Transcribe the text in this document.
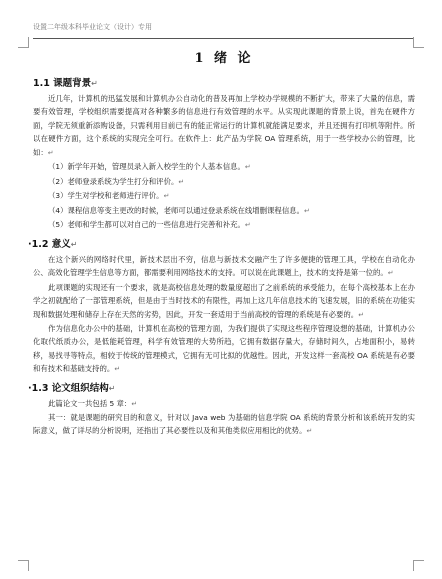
设置二年级本科毕业论文（设计）专用
1 绪 论
1.1 课题背景↵

近几年，计算机的迅猛发展和计算机办公自动化的普及再加上学校办学规模的不断扩大，带来了大量的信息，需要有效管理，学校组织需要提高对各种繁多的信息进行有效管理的水平。从实现此课题的背景上说，首先在硬件方面，学院无须重新添购设备，只需利用目前已有的能正常运行的计算机就能满足要求，并且还拥有打印机等附件。所以在硬件方面，这个系统的实现完全可行。在软件上：此产品为学院 OA 管理系统，用于一些学校办公的管理，比如：↵

（1）新学年开始，管理员录入新入校学生的个人基本信息。↵

（2）老师登录系统为学生打分和评价。↵

（3）学生对学校和老师进行评价。↵

（4）课程信息等变主更改的时候，老师可以通过登录系统在线增删课程信息。↵

（5）老师和学生都可以对自己的一些信息进行完善和补充。↵

·1.2 意义↵

在这个新兴的网络时代里，新技术层出不穷，信息与新技术交融产生了许多便捷的管理工具，学校在自动化办公、高效化管理学生信息等方面，都需要利用网络技术的支持。可以说在此课题上，技术的支持是第一位的。↵

此项课题的实现还有一个要求，就是高校信息处理的数量度超出了之前系统的承受能力，在每个高校基本上在办学之初就配给了一部管理系统，但是由于当时技术的有限性，再加上这几年信息技术的飞速发展，旧的系统在功能实现和数据处理和储存上存在天然的劣势，因此，开发一套适用于当前高校的管理的系统是有必要的。↵

作为信息化办公中的基础，计算机在高校的管理方面，为我们提供了实现这些程序管理设想的基础，计算机办公化取代纸质办公，是低能耗管理，科学有效管理的大势所趋，它拥有数据存量大，存储时间久，占地面积小，易转移，易找寻等特点，相较于传统的管理模式，它拥有无可比拟的优越性。因此，开发这样一套高校 OA 系统是有必要和有技术和基础支持的。↵

·1.3 论文组织结构↵

此篇论文一共包括 5 章：↵

其一：就是课题的研究目的和意义，针对以 Java web 为基础的信息学院 OA 系统的背景分析和该系统开发的实际意义，做了详尽的分析说明，还指出了其必要性以及和其他类似应用相比的优势。↵
